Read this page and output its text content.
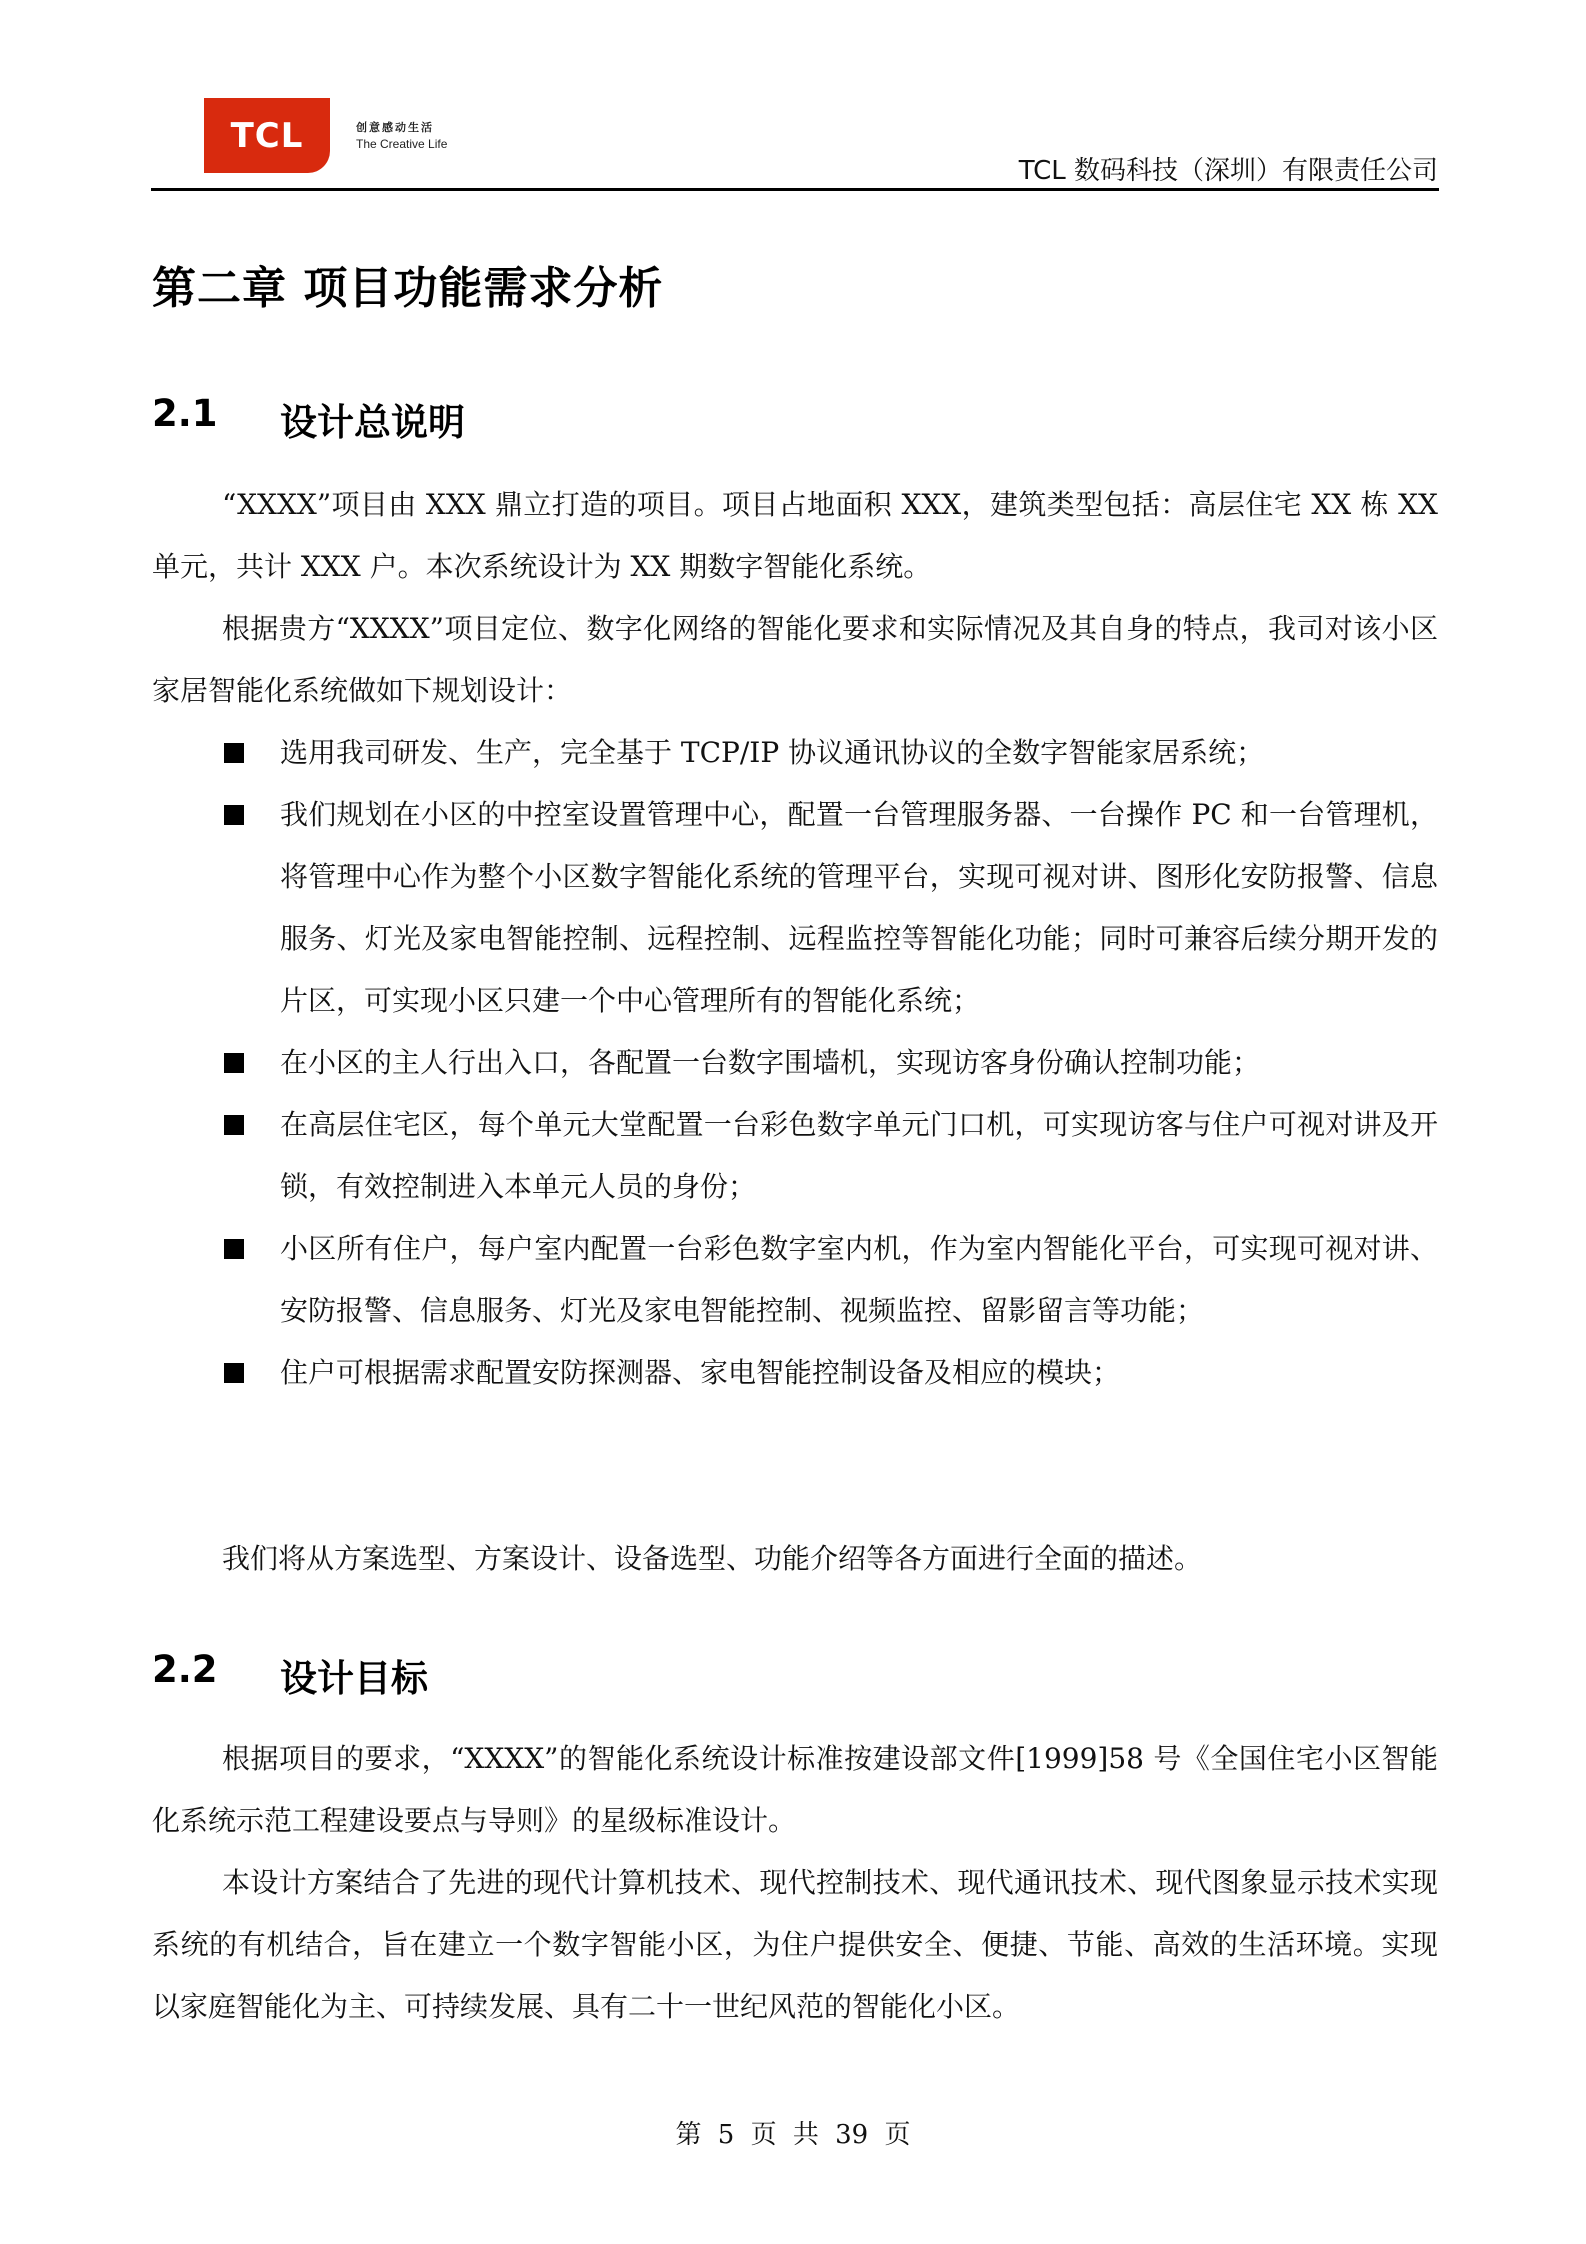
TCL	创意感动生活
The Creative Life
TCL 数码科技（深圳）有限责任公司
第二章 项目功能需求分析
2.1	设计总说明

“XXXX”项目由 XXX 鼎立打造的项目。项目占地面积 XXX，建筑类型包括：高层住宅 XX 栋 XX 单元，共计 XXX 户。本次系统设计为 XX 期数字智能化系统。

根据贵方“XXXX”项目定位、数字化网络的智能化要求和实际情况及其自身的特点，我司对该小区家居智能化系统做如下规划设计：

选用我司研发、生产，完全基于 TCP/IP 协议通讯协议的全数字智能家居系统；
我们规划在小区的中控室设置管理中心，配置一台管理服务器、一台操作 PC 和一台管理机，将管理中心作为整个小区数字智能化系统的管理平台，实现可视对讲、图形化安防报警、信息服务、灯光及家电智能控制、远程控制、远程监控等智能化功能；同时可兼容后续分期开发的片区，可实现小区只建一个中心管理所有的智能化系统；
在小区的主人行出入口，各配置一台数字围墙机，实现访客身份确认控制功能；
在高层住宅区，每个单元大堂配置一台彩色数字单元门口机，可实现访客与住户可视对讲及开锁，有效控制进入本单元人员的身份；
小区所有住户，每户室内配置一台彩色数字室内机，作为室内智能化平台，可实现可视对讲、安防报警、信息服务、灯光及家电智能控制、视频监控、留影留言等功能；
住户可根据需求配置安防探测器、家电智能控制设备及相应的模块；

我们将从方案选型、方案设计、设备选型、功能介绍等各方面进行全面的描述。

2.2	设计目标

根据项目的要求，“XXXX”的智能化系统设计标准按建设部文件[1999]58 号《全国住宅小区智能化系统示范工程建设要点与导则》的星级标准设计。

本设计方案结合了先进的现代计算机技术、现代控制技术、现代通讯技术、现代图象显示技术实现系统的有机结合，旨在建立一个数字智能小区，为住户提供安全、便捷、节能、高效的生活环境。实现以家庭智能化为主、可持续发展、具有二十一世纪风范的智能化小区。

第 5 页 共 39 页
